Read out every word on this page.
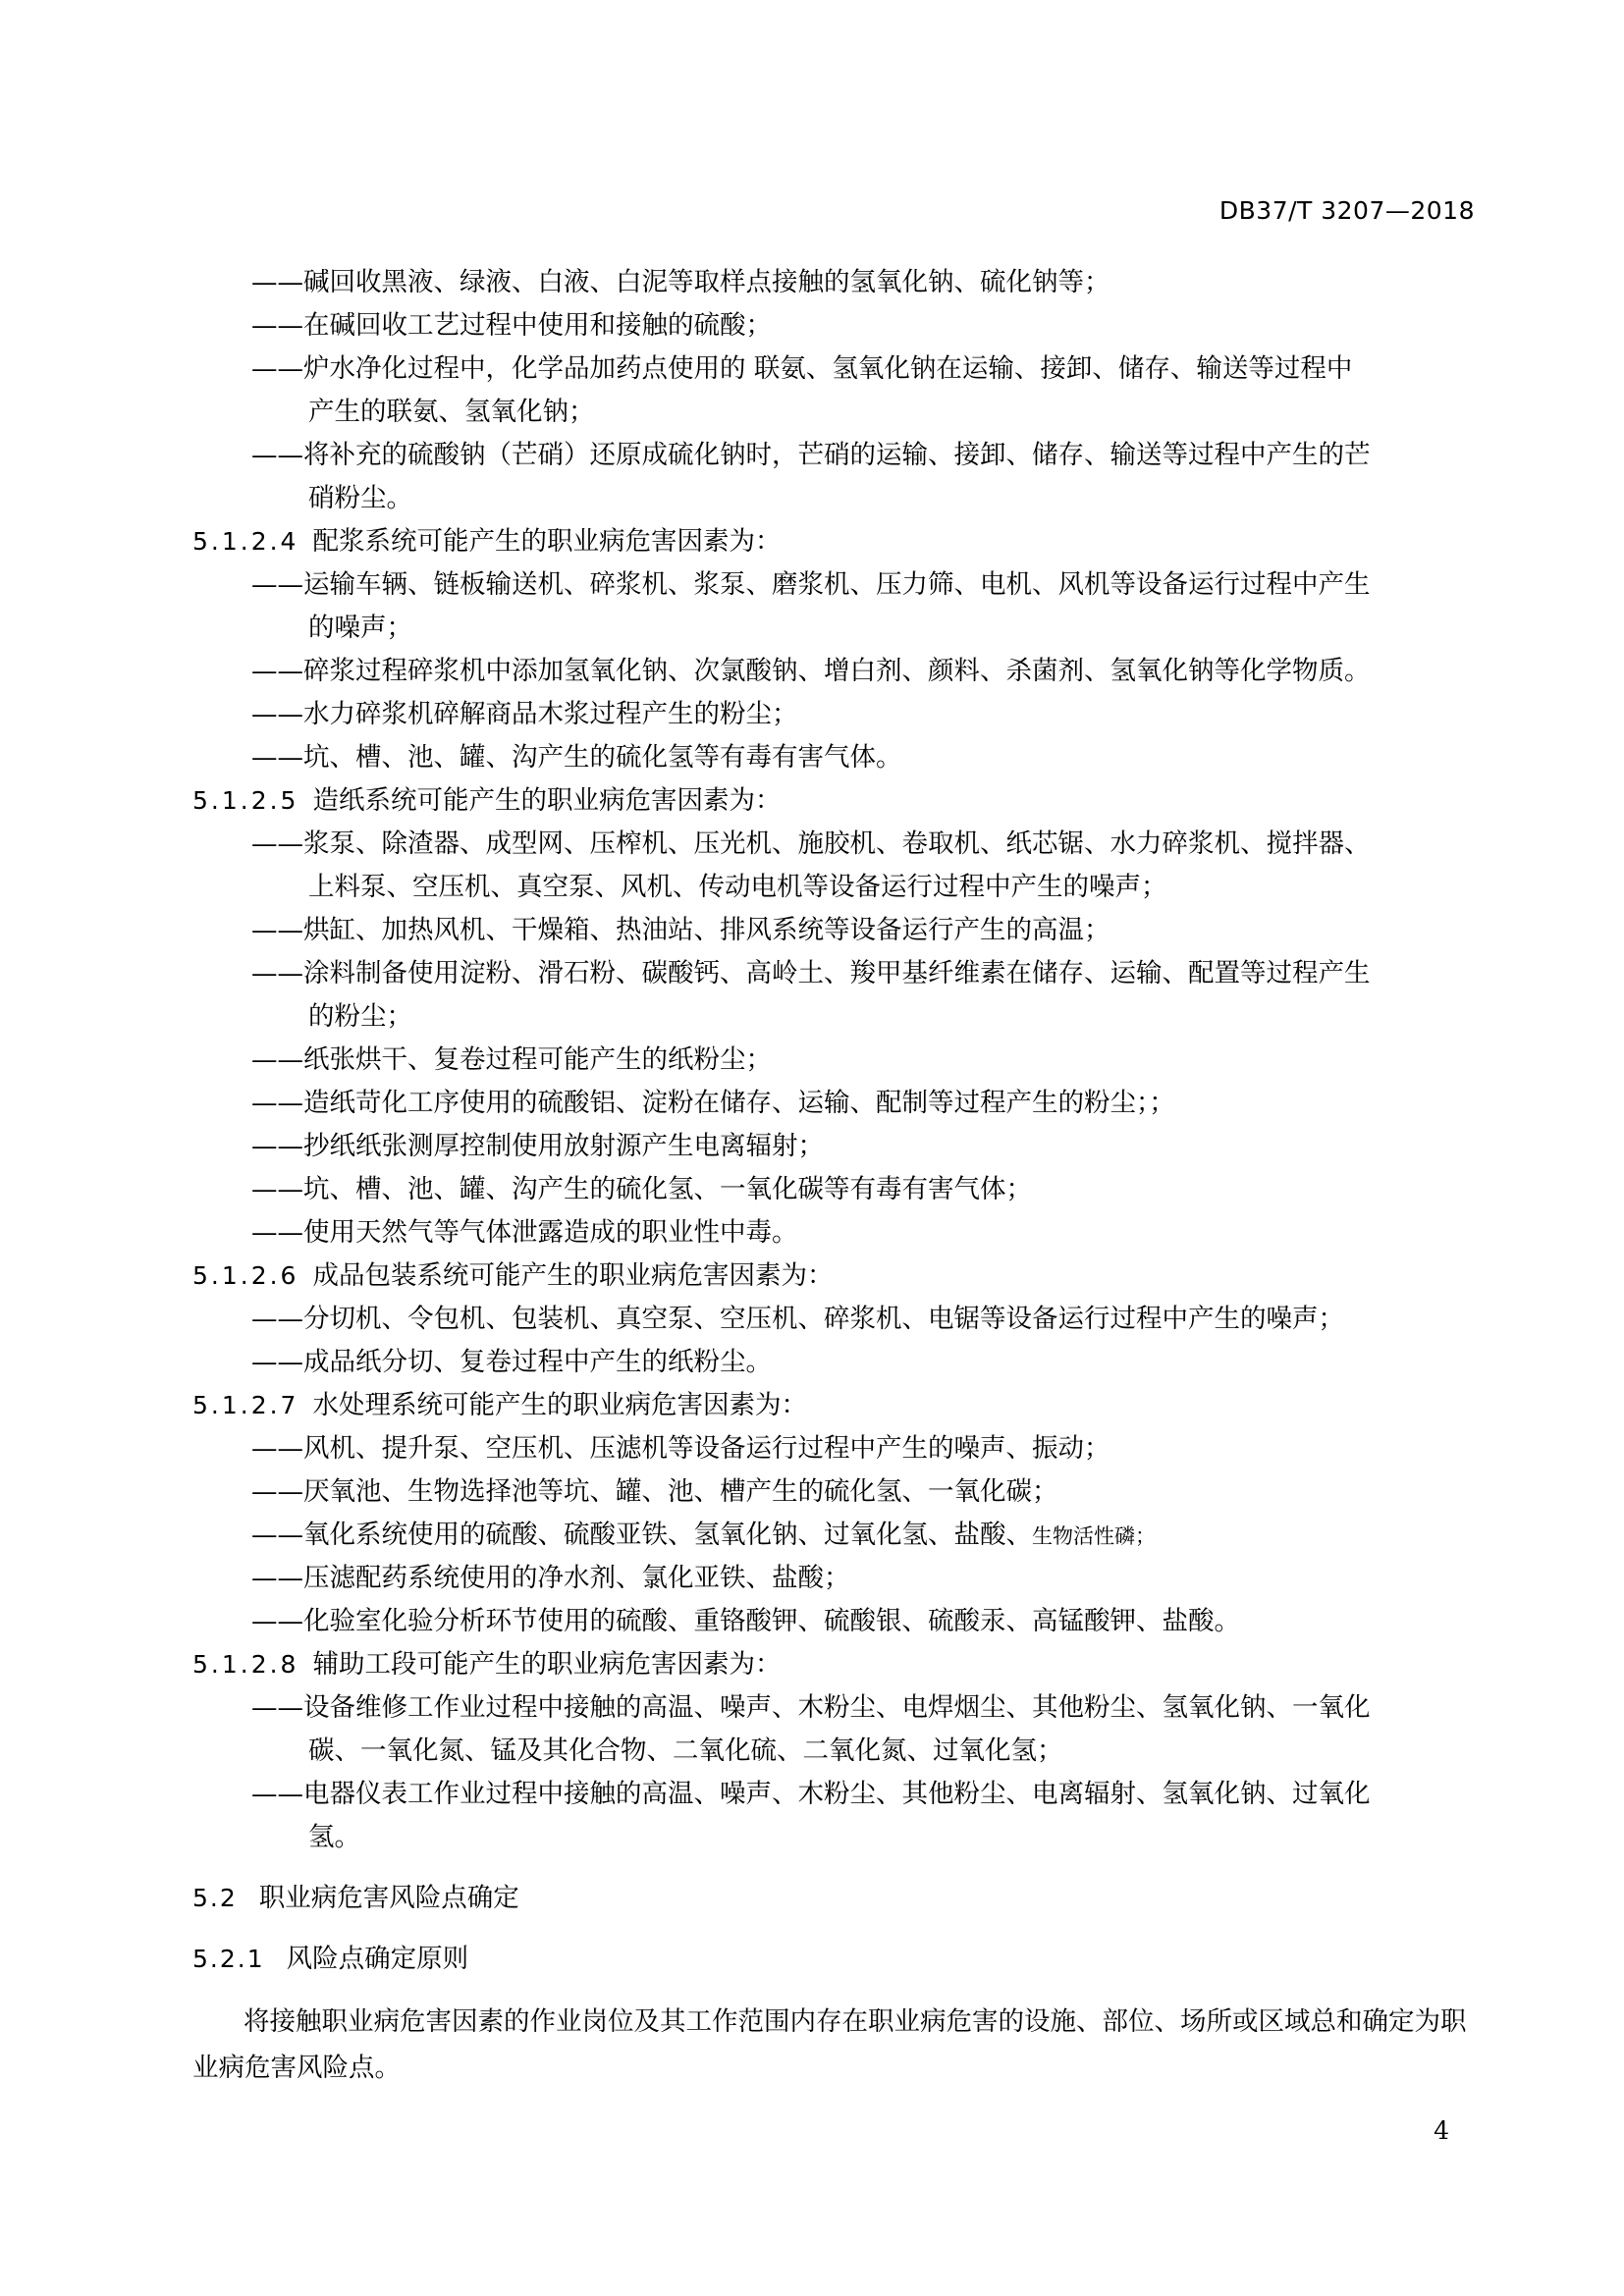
DB37/T 3207—2018
——碱回收黑液、绿液、白液、白泥等取样点接触的氢氧化钠、硫化钠等；
——在碱回收工艺过程中使用和接触的硫酸；
——炉水净化过程中，化学品加药点使用的 联氨、氢氧化钠在运输、接卸、储存、输送等过程中
产生的联氨、氢氧化钠；
——将补充的硫酸钠（芒硝）还原成硫化钠时，芒硝的运输、接卸、储存、输送等过程中产生的芒
硝粉尘。
5.1.2.4 配浆系统可能产生的职业病危害因素为：
——运输车辆、链板输送机、碎浆机、浆泵、磨浆机、压力筛、电机、风机等设备运行过程中产生
的噪声；
——碎浆过程碎浆机中添加氢氧化钠、次氯酸钠、增白剂、颜料、杀菌剂、氢氧化钠等化学物质。
——水力碎浆机碎解商品木浆过程产生的粉尘；
——坑、槽、池、罐、沟产生的硫化氢等有毒有害气体。
5.1.2.5 造纸系统可能产生的职业病危害因素为：
——浆泵、除渣器、成型网、压榨机、压光机、施胶机、卷取机、纸芯锯、水力碎浆机、搅拌器、
上料泵、空压机、真空泵、风机、传动电机等设备运行过程中产生的噪声；
——烘缸、加热风机、干燥箱、热油站、排风系统等设备运行产生的高温；
——涂料制备使用淀粉、滑石粉、碳酸钙、高岭土、羧甲基纤维素在储存、运输、配置等过程产生
的粉尘；
——纸张烘干、复卷过程可能产生的纸粉尘；
——造纸苛化工序使用的硫酸铝、淀粉在储存、运输、配制等过程产生的粉尘；；
——抄纸纸张测厚控制使用放射源产生电离辐射；
——坑、槽、池、罐、沟产生的硫化氢、一氧化碳等有毒有害气体；
——使用天然气等气体泄露造成的职业性中毒。
5.1.2.6 成品包装系统可能产生的职业病危害因素为：
——分切机、令包机、包装机、真空泵、空压机、碎浆机、电锯等设备运行过程中产生的噪声；
——成品纸分切、复卷过程中产生的纸粉尘。
5.1.2.7 水处理系统可能产生的职业病危害因素为：
——风机、提升泵、空压机、压滤机等设备运行过程中产生的噪声、振动；
——厌氧池、生物选择池等坑、罐、池、槽产生的硫化氢、一氧化碳；
——氧化系统使用的硫酸、硫酸亚铁、氢氧化钠、过氧化氢、盐酸、生物活性磷；
——压滤配药系统使用的净水剂、氯化亚铁、盐酸；
——化验室化验分析环节使用的硫酸、重铬酸钾、硫酸银、硫酸汞、高锰酸钾、盐酸。
5.1.2.8 辅助工段可能产生的职业病危害因素为：
——设备维修工作业过程中接触的高温、噪声、木粉尘、电焊烟尘、其他粉尘、氢氧化钠、一氧化
碳、一氧化氮、锰及其化合物、二氧化硫、二氧化氮、过氧化氢；
——电器仪表工作业过程中接触的高温、噪声、木粉尘、其他粉尘、电离辐射、氢氧化钠、过氧化
氢。
5.2 职业病危害风险点确定
5.2.1 风险点确定原则
将接触职业病危害因素的作业岗位及其工作范围内存在职业病危害的设施、部位、场所或区域总和确定为职业病危害风险点。
4
